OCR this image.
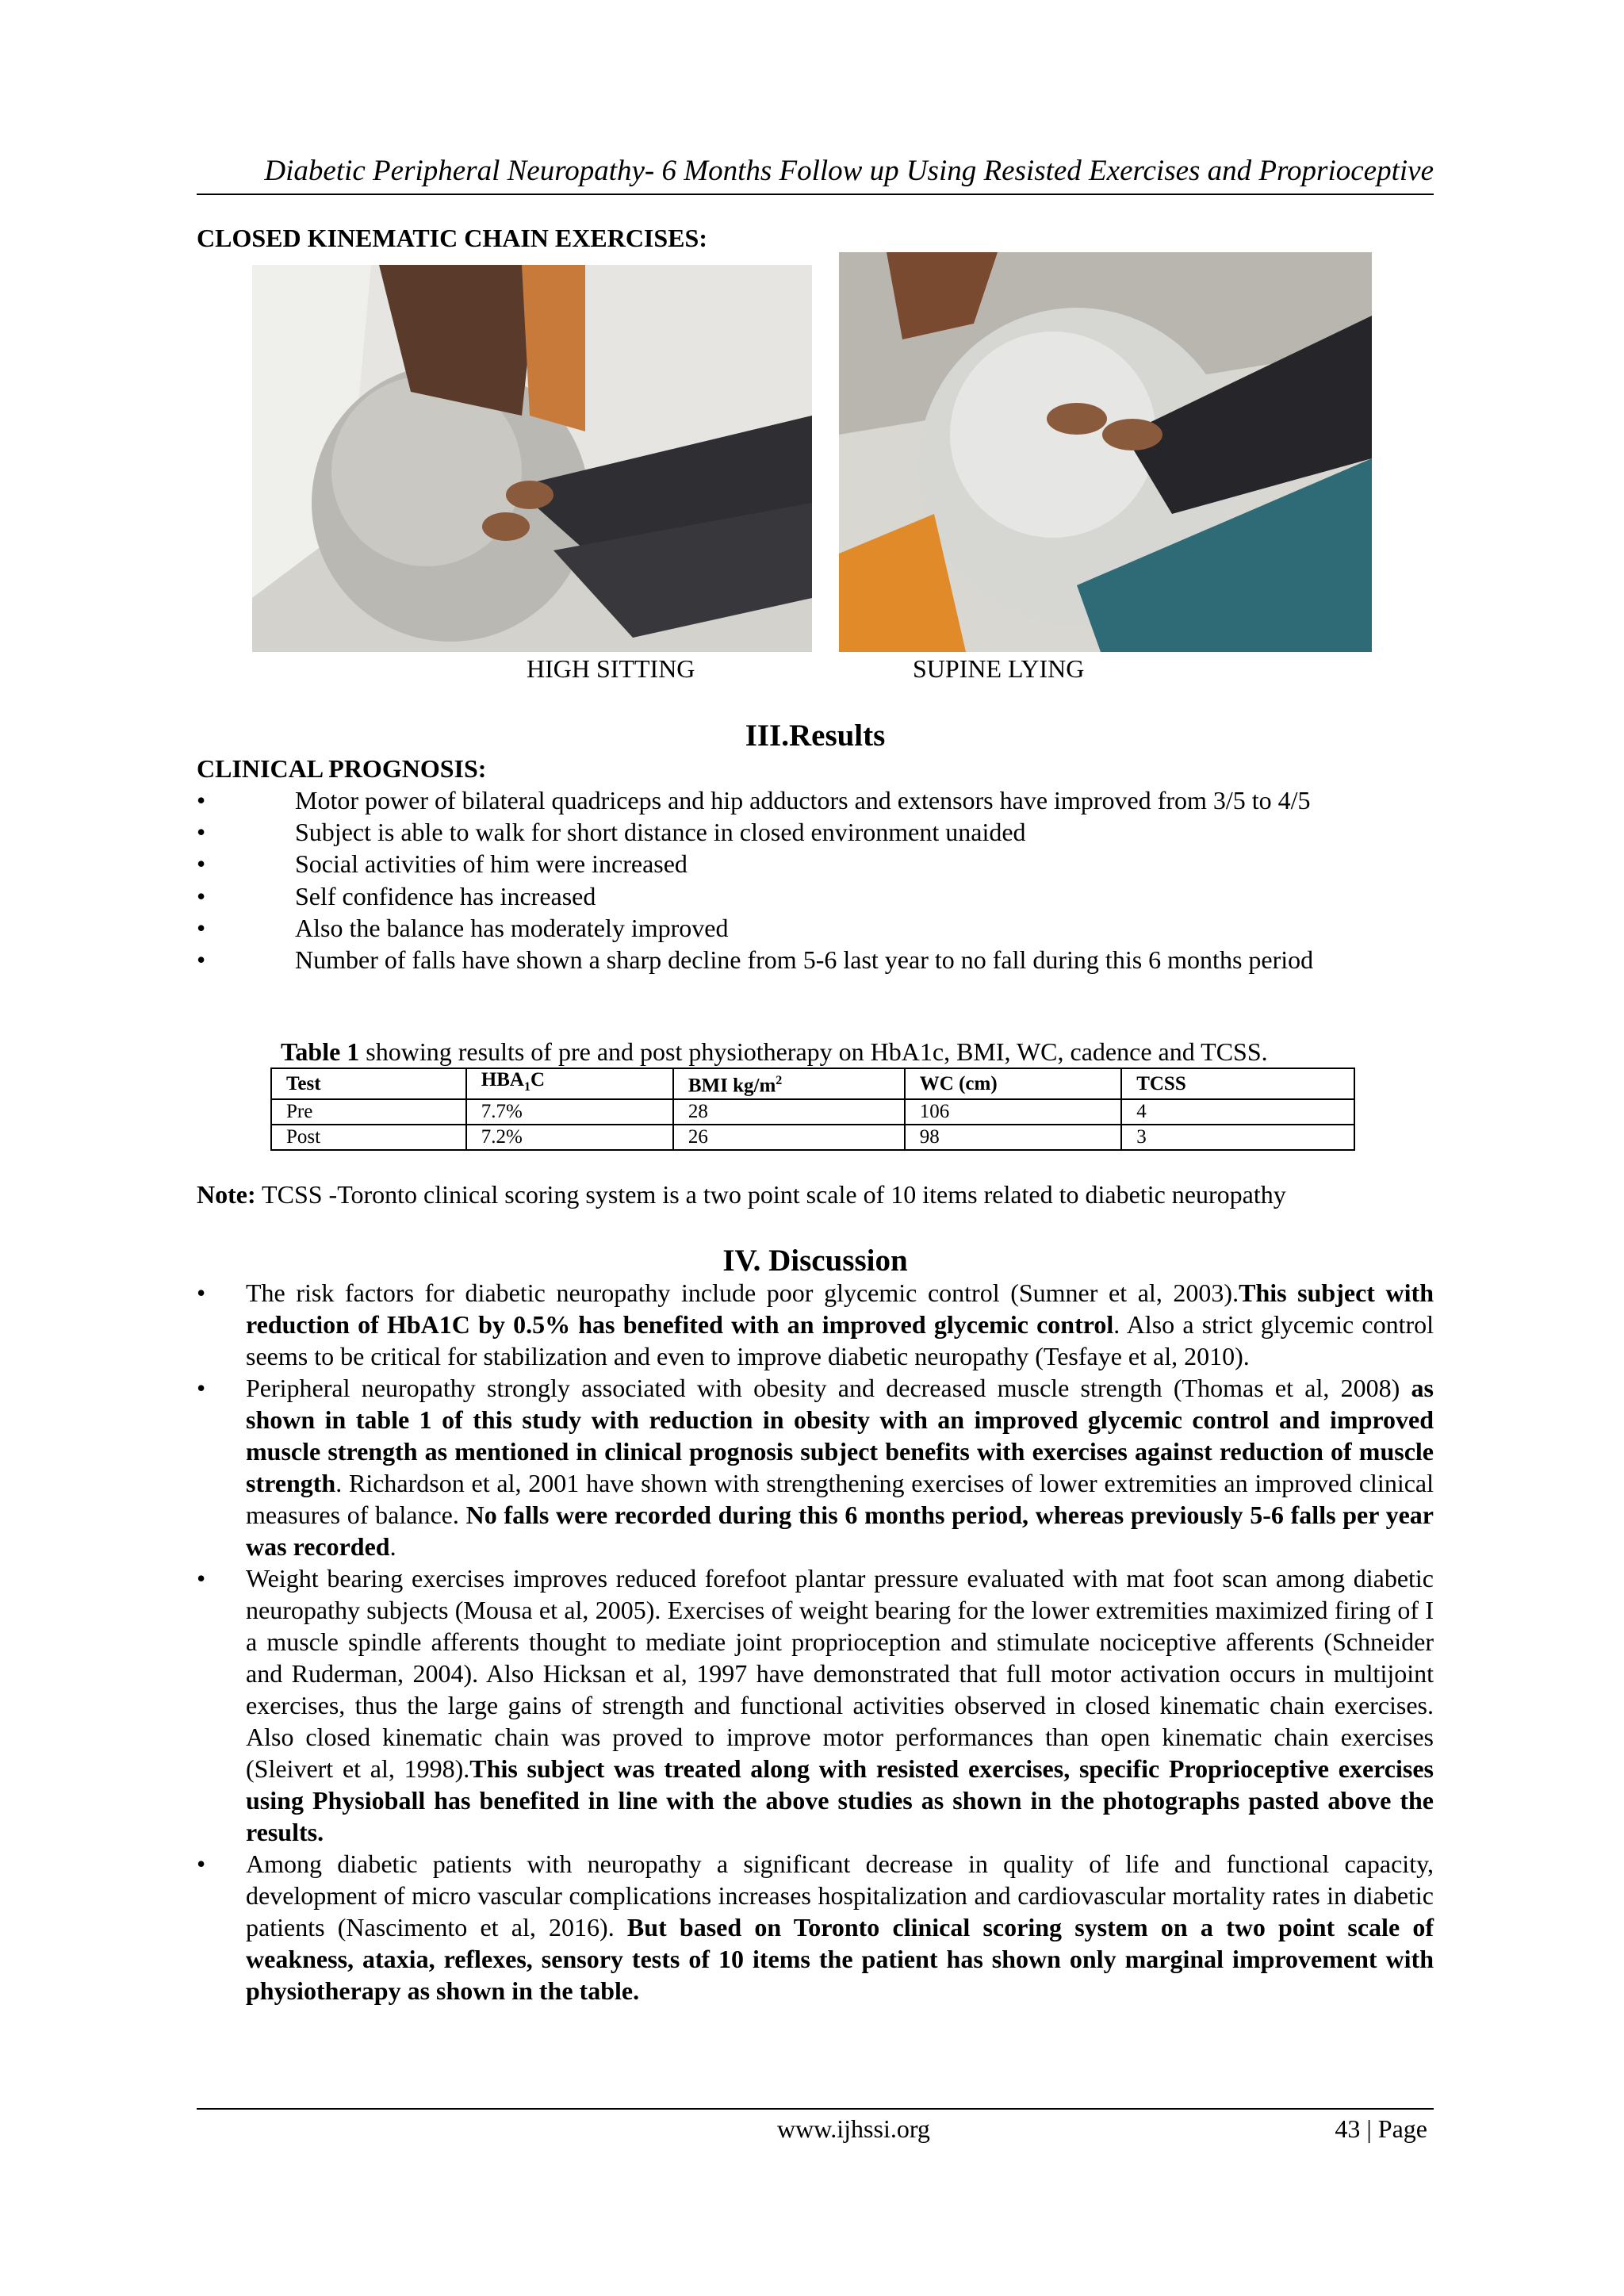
Diabetic Peripheral Neuropathy- 6 Months Follow up Using Resisted Exercises and Proprioceptive
CLOSED KINEMATIC CHAIN EXERCISES:
HIGH SITTING	SUPINE LYING
III.Results
CLINICAL PROGNOSIS:
• Motor power of bilateral quadriceps and hip adductors and extensors have improved from 3/5 to 4/5
• Subject is able to walk for short distance in closed environment unaided
• Social activities of him were increased
• Self confidence has increased
• Also the balance has moderately improved
• Number of falls have shown a sharp decline from 5-6 last year to no fall during this 6 months period
Table 1 showing results of pre and post physiotherapy on HbA1c, BMI, WC, cadence and TCSS.
Test	$HBA_1C$	BMI $kg/m^2$	WC (cm)	TCSS
Pre	7.7%	28	106	4
Post	7.2%	26	98	3
Note: TCSS -Toronto clinical scoring system is a two point scale of 10 items related to diabetic neuropathy
IV. Discussion
• The risk factors for diabetic neuropathy include poor glycemic control (Sumner et al, 2003).This subject with reduction of HbA1C by 0.5% has benefited with an improved glycemic control. Also a strict glycemic control seems to be critical for stabilization and even to improve diabetic neuropathy (Tesfaye et al, 2010).
• Peripheral neuropathy strongly associated with obesity and decreased muscle strength (Thomas et al, 2008) as shown in table 1 of this study with reduction in obesity with an improved glycemic control and improved muscle strength as mentioned in clinical prognosis subject benefits with exercises against reduction of muscle strength. Richardson et al, 2001 have shown with strengthening exercises of lower extremities an improved clinical measures of balance. No falls were recorded during this 6 months period, whereas previously 5-6 falls per year was recorded.
• Weight bearing exercises improves reduced forefoot plantar pressure evaluated with mat foot scan among diabetic neuropathy subjects (Mousa et al, 2005). Exercises of weight bearing for the lower extremities maximized firing of I a muscle spindle afferents thought to mediate joint proprioception and stimulate nociceptive afferents (Schneider and Ruderman, 2004). Also Hicksan et al, 1997 have demonstrated that full motor activation occurs in multijoint exercises, thus the large gains of strength and functional activities observed in closed kinematic chain exercises. Also closed kinematic chain was proved to improve motor performances than open kinematic chain exercises (Sleivert et al, 1998).This subject was treated along with resisted exercises, specific Proprioceptive exercises using Physioball has benefited in line with the above studies as shown in the photographs pasted above the results.
• Among diabetic patients with neuropathy a significant decrease in quality of life and functional capacity, development of micro vascular complications increases hospitalization and cardiovascular mortality rates in diabetic patients (Nascimento et al, 2016). But based on Toronto clinical scoring system on a two point scale of weakness, ataxia, reflexes, sensory tests of 10 items the patient has shown only marginal improvement with physiotherapy as shown in the table.
www.ijhssi.org	43 | Page
